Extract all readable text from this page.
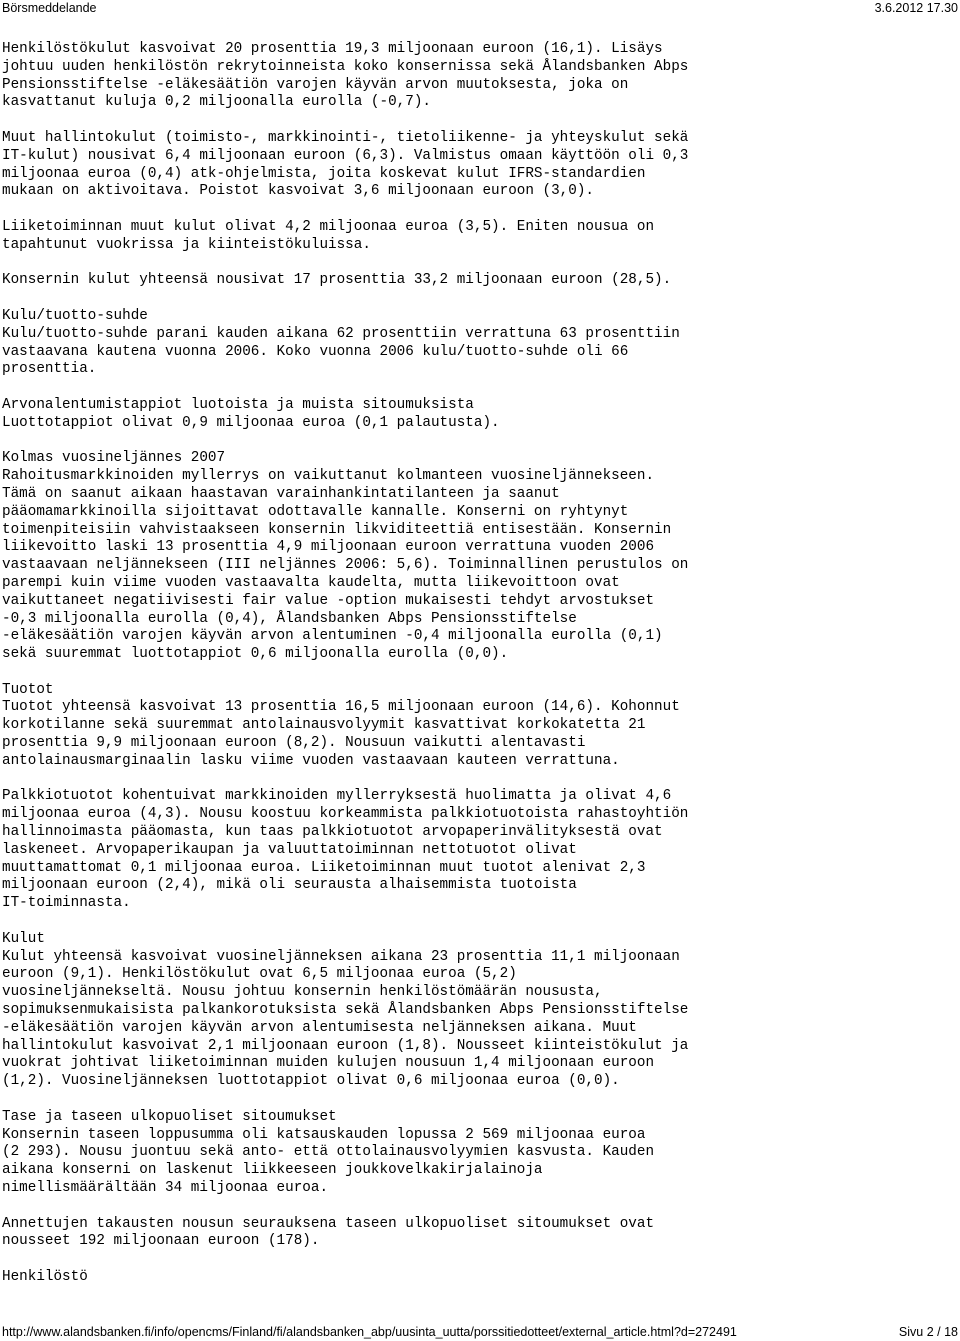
Börsmeddelande	3.6.2012 17.30
Henkilöstökulut kasvoivat 20 prosenttia 19,3 miljoonaan euroon (16,1). Lisäys
johtuu uuden henkilöstön rekrytoinneista koko konsernissa sekä Ålandsbanken Abps
Pensionsstiftelse -eläkesäätiön varojen käyvän arvon muutoksesta, joka on
kasvattanut kuluja 0,2 miljoonalla eurolla (-0,7).
Muut hallintokulut (toimisto-, markkinointi-, tietoliikenne- ja yhteyskulut sekä
IT-kulut) nousivat 6,4 miljoonaan euroon (6,3). Valmistus omaan käyttöön oli 0,3
miljoonaa euroa (0,4) atk-ohjelmista, joita koskevat kulut IFRS-standardien
mukaan on aktivoitava. Poistot kasvoivat 3,6 miljoonaan euroon (3,0).
Liiketoiminnan muut kulut olivat 4,2 miljoonaa euroa (3,5). Eniten nousua on
tapahtunut vuokrissa ja kiinteistökuluissa.
Konsernin kulut yhteensä nousivat 17 prosenttia 33,2 miljoonaan euroon (28,5).
Kulu/tuotto-suhde
Kulu/tuotto-suhde parani kauden aikana 62 prosenttiin verrattuna 63 prosenttiin
vastaavana kautena vuonna 2006. Koko vuonna 2006 kulu/tuotto-suhde oli 66
prosenttia.
Arvonalentumistappiot luotoista ja muista sitoumuksista
Luottotappiot olivat 0,9 miljoonaa euroa (0,1 palautusta).
Kolmas vuosineljännes 2007
Rahoitusmarkkinoiden myllerrys on vaikuttanut kolmanteen vuosineljännekseen.
Tämä on saanut aikaan haastavan varainhankintatilanteen ja saanut
pääomamarkkinoilla sijoittavat odottavalle kannalle. Konserni on ryhtynyt
toimenpiteisiin vahvistaakseen konsernin likviditeettiä entisestään. Konsernin
liikevoitto laski 13 prosenttia 4,9 miljoonaan euroon verrattuna vuoden 2006
vastaavaan neljännekseen (III neljännes 2006: 5,6). Toiminnallinen perustulos on
parempi kuin viime vuoden vastaavalta kaudelta, mutta liikevoittoon ovat
vaikuttaneet negatiivisesti fair value -option mukaisesti tehdyt arvostukset
-0,3 miljoonalla eurolla (0,4), Ålandsbanken Abps Pensionsstiftelse
-eläkesäätiön varojen käyvän arvon alentuminen -0,4 miljoonalla eurolla (0,1)
sekä suuremmat luottotappiot 0,6 miljoonalla eurolla (0,0).
Tuotot
Tuotot yhteensä kasvoivat 13 prosenttia 16,5 miljoonaan euroon (14,6). Kohonnut
korkotilanne sekä suuremmat antolainausvolyymit kasvattivat korkokatetta 21
prosenttia 9,9 miljoonaan euroon (8,2). Nousuun vaikutti alentavasti
antolainausmarginaalin lasku viime vuoden vastaavaan kauteen verrattuna.
Palkkiotuotot kohentuivat markkinoiden myllerryksestä huolimatta ja olivat 4,6
miljoonaa euroa (4,3). Nousu koostuu korkeammista palkkiotuotoista rahastoyhtiön
hallinnoimasta pääomasta, kun taas palkkiotuotot arvopaperinvälityksestä ovat
laskeneet. Arvopaperikaupan ja valuuttatoiminnan nettotuotot olivat
muuttamattomat 0,1 miljoonaa euroa. Liiketoiminnan muut tuotot alenivat 2,3
miljoonaan euroon (2,4), mikä oli seurausta alhaisemmista tuotoista
IT-toiminnasta.
Kulut
Kulut yhteensä kasvoivat vuosineljänneksen aikana 23 prosenttia 11,1 miljoonaan
euroon (9,1). Henkilöstökulut ovat 6,5 miljoonaa euroa (5,2)
vuosineljännekseltä. Nousu johtuu konsernin henkilöstömäärän noususta,
sopimuksenmukaisista palkankorotuksista sekä Ålandsbanken Abps Pensionsstiftelse
-eläkesäätiön varojen käyvän arvon alentumisesta neljänneksen aikana. Muut
hallintokulut kasvoivat 2,1 miljoonaan euroon (1,8). Nousseet kiinteistökulut ja
vuokrat johtivat liiketoiminnan muiden kulujen nousuun 1,4 miljoonaan euroon
(1,2). Vuosineljänneksen luottotappiot olivat 0,6 miljoonaa euroa (0,0).
Tase ja taseen ulkopuoliset sitoumukset
Konsernin taseen loppusumma oli katsauskauden lopussa 2 569 miljoonaa euroa
(2 293). Nousu juontuu sekä anto- että ottolainausvolyymien kasvusta. Kauden
aikana konserni on laskenut liikkeeseen joukkovelkakirjalainoja
nimellismäärältään 34 miljoonaa euroa.
Annettujen takausten nousun seurauksena taseen ulkopuoliset sitoumukset ovat
nousseet 192 miljoonaan euroon (178).
Henkilöstö
http://www.alandsbanken.fi/info/opencms/Finland/fi/alandsbanken_abp/uusinta_uutta/porssitiedotteet/external_article.html?d=272491	Sivu 2 / 18
